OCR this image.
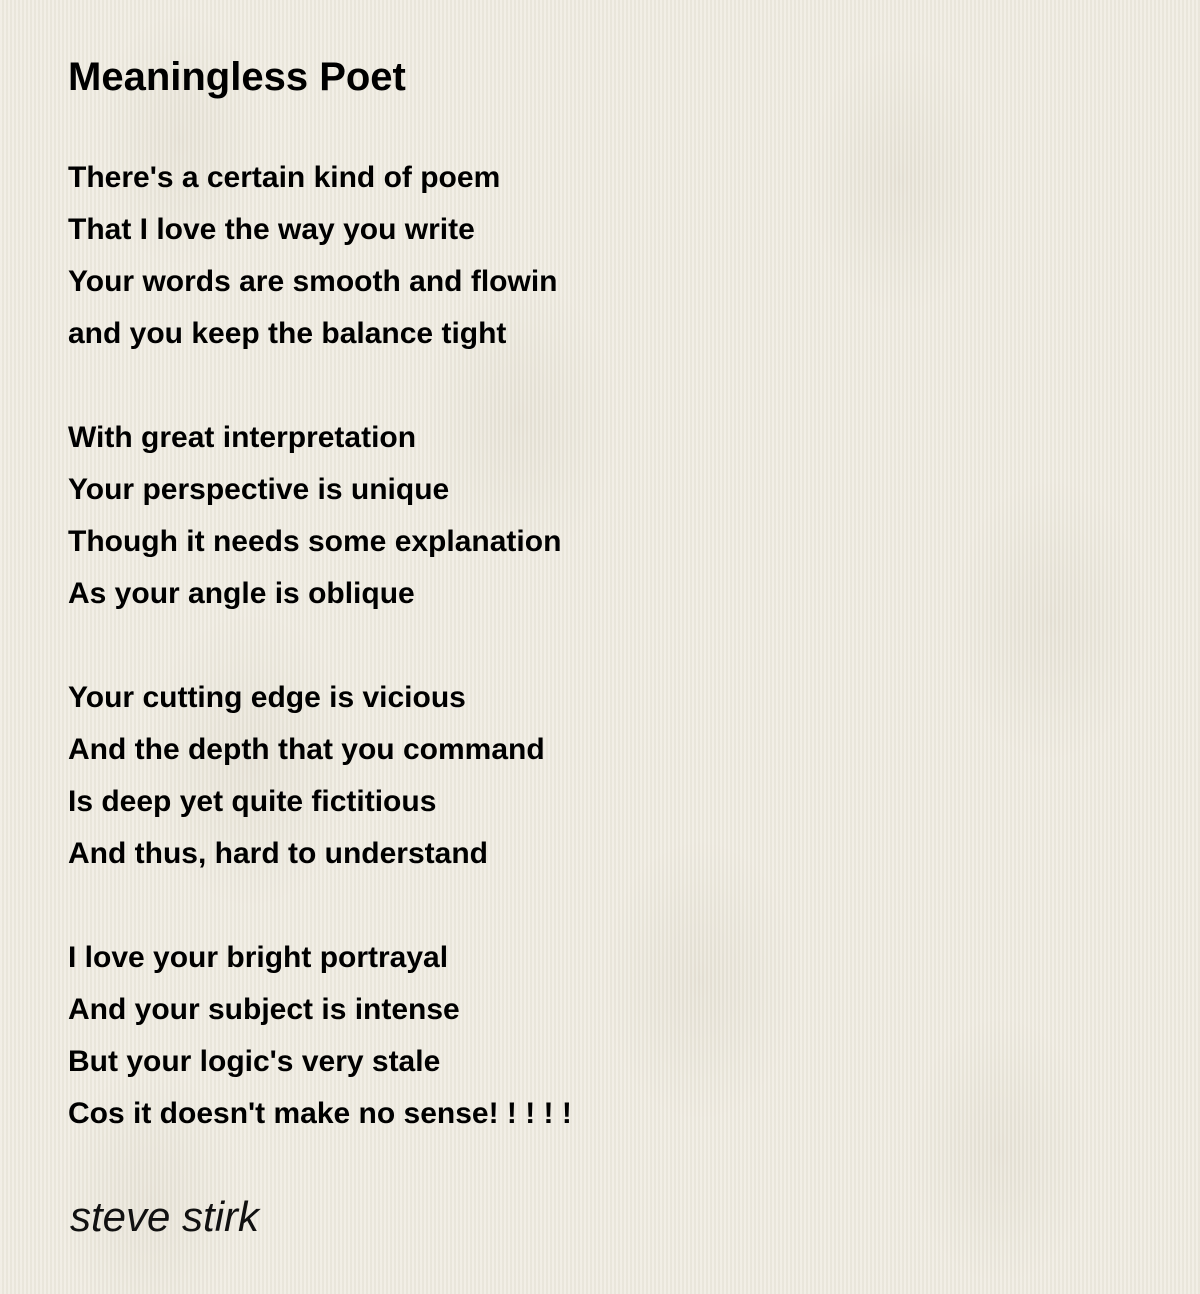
Meaningless Poet
There's a certain kind of poem
That I love the way you write
Your words are smooth and flowin
and you keep the balance tight
With great interpretation
Your perspective is unique
Though it needs some explanation
As your angle is oblique
Your cutting edge is vicious
And the depth that you command
Is deep yet quite fictitious
And thus, hard to understand
I love your bright portrayal
And your subject is intense
But your logic's very stale
Cos it doesn't make no sense! ! ! ! !
steve stirk
